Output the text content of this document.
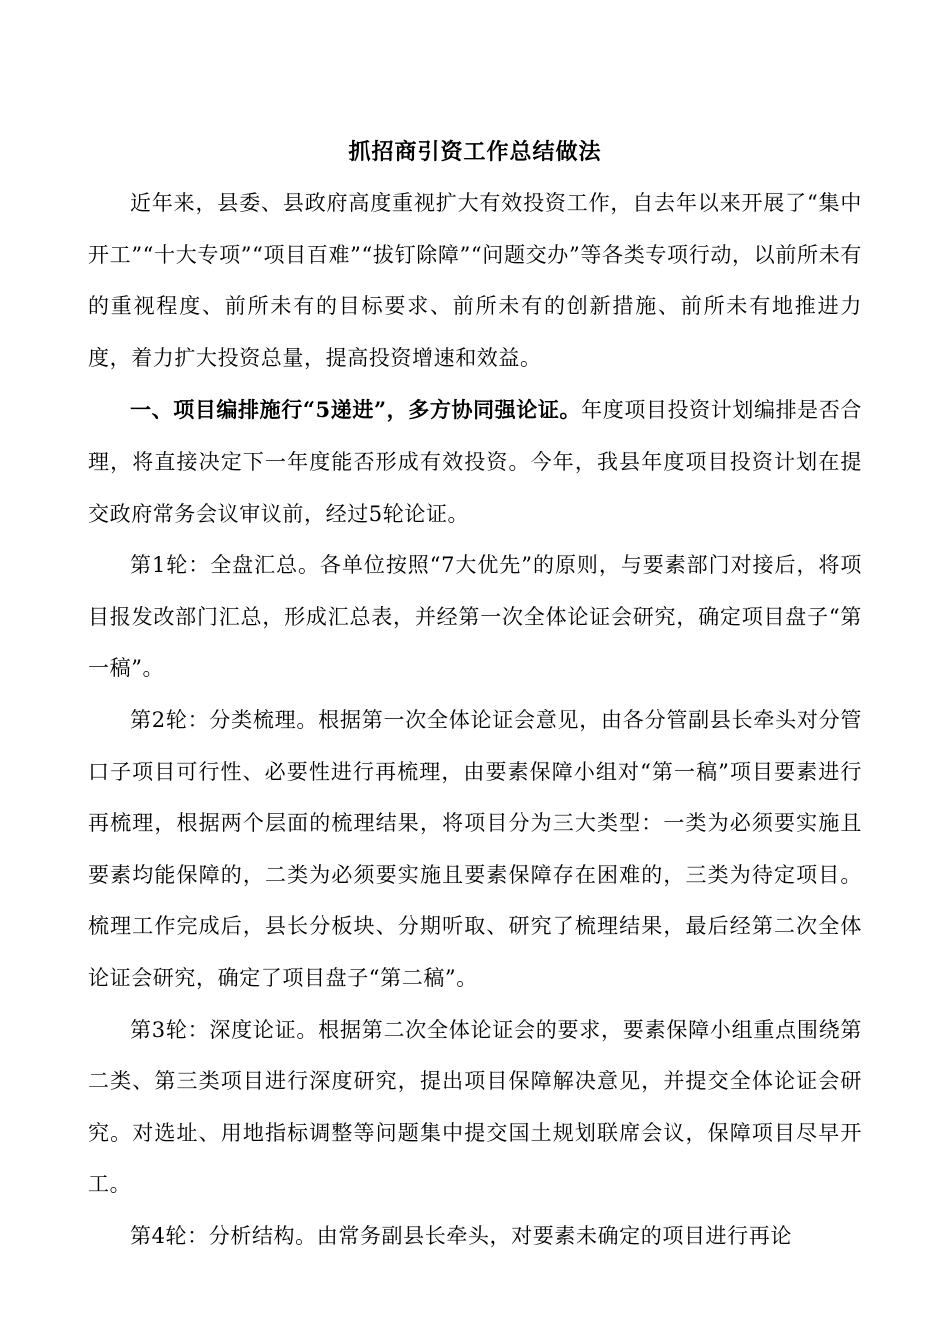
抓招商引资工作总结做法

近年来，县委、县政府高度重视扩大有效投资工作，自去年以来开展了“集中开工”“十大专项”“项目百难”“拔钉除障”“问题交办”等各类专项行动，以前所未有的重视程度、前所未有的目标要求、前所未有的创新措施、前所未有地推进力度，着力扩大投资总量，提高投资增速和效益。

一、项目编排施行“5递进”，多方协同强论证。年度项目投资计划编排是否合理，将直接决定下一年度能否形成有效投资。今年，我县年度项目投资计划在提交政府常务会议审议前，经过5轮论证。

第1轮：全盘汇总。各单位按照“7大优先”的原则，与要素部门对接后，将项目报发改部门汇总，形成汇总表，并经第一次全体论证会研究，确定项目盘子“第一稿”。

第2轮：分类梳理。根据第一次全体论证会意见，由各分管副县长牵头对分管口子项目可行性、必要性进行再梳理，由要素保障小组对“第一稿”项目要素进行再梳理，根据两个层面的梳理结果，将项目分为三大类型：一类为必须要实施且要素均能保障的，二类为必须要实施且要素保障存在困难的，三类为待定项目。梳理工作完成后，县长分板块、分期听取、研究了梳理结果，最后经第二次全体论证会研究，确定了项目盘子“第二稿”。

第3轮：深度论证。根据第二次全体论证会的要求，要素保障小组重点围绕第二类、第三类项目进行深度研究，提出项目保障解决意见，并提交全体论证会研究。对选址、用地指标调整等问题集中提交国土规划联席会议，保障项目尽早开工。

第4轮：分析结构。由常务副县长牵头，对要素未确定的项目进行再论
